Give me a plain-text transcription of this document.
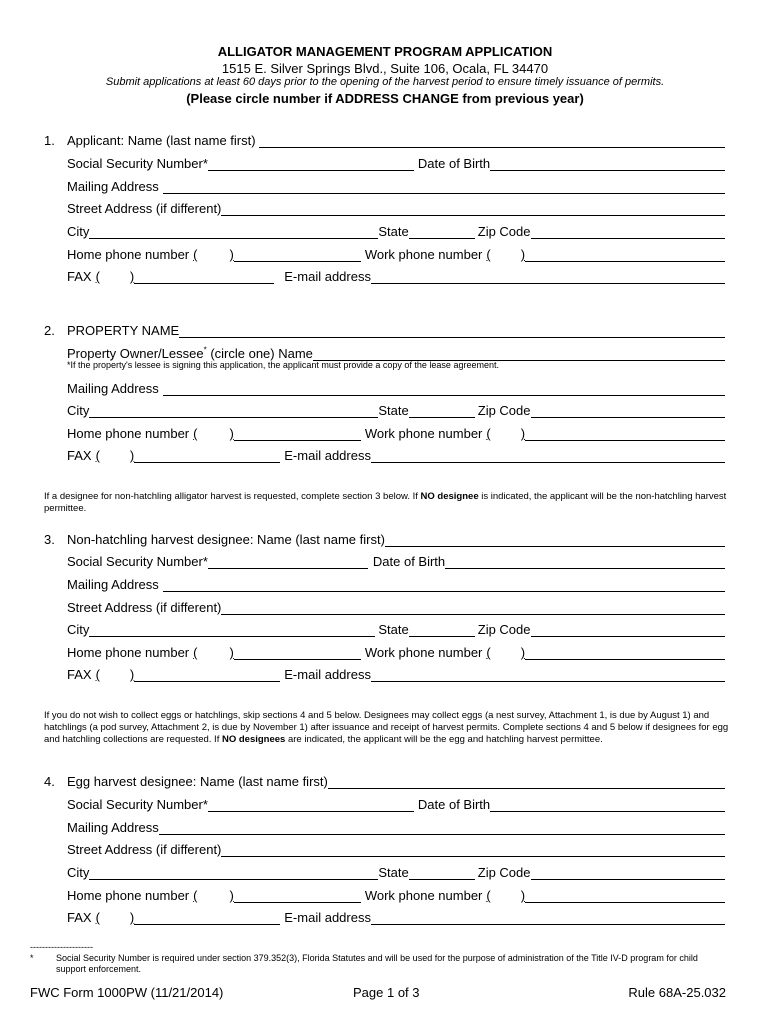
ALLIGATOR MANAGEMENT PROGRAM APPLICATION
1515 E. Silver Springs Blvd., Suite 106, Ocala, FL 34470
Submit applications at least 60 days prior to the opening of the harvest period to ensure timely issuance of permits.
(Please circle number if ADDRESS CHANGE from previous year)
1. Applicant: Name (last name first)
Social Security Number*	Date of Birth
Mailing Address
Street Address (if different)
City	State	Zip Code
Home phone number ( )	Work phone number ( )
FAX ( )	E-mail address
2. PROPERTY NAME
Property Owner/Lessee* (circle one) Name
*If the property's lessee is signing this application, the applicant must provide a copy of the lease agreement.
Mailing Address
City	State	Zip Code
Home phone number ( )	Work phone number ( )
FAX ( )	E-mail address
If a designee for non-hatchling alligator harvest is requested, complete section 3 below. If NO designee is indicated, the applicant will be the non-hatchling harvest permittee.
3. Non-hatchling harvest designee: Name (last name first)
Social Security Number*	Date of Birth
Mailing Address
Street Address (if different)
City	State	Zip Code
Home phone number ( )	Work phone number ( )
FAX ( )	E-mail address
If you do not wish to collect eggs or hatchlings, skip sections 4 and 5 below. Designees may collect eggs (a nest survey, Attachment 1, is due by August 1) and hatchlings (a pod survey, Attachment 2, is due by November 1) after issuance and receipt of harvest permits. Complete sections 4 and 5 below if designees for egg and hatchling collections are requested. If NO designees are indicated, the applicant will be the egg and hatchling harvest permittee.
4. Egg harvest designee: Name (last name first)
Social Security Number*	Date of Birth
Mailing Address
Street Address (if different)
City	State	Zip Code
Home phone number ( )	Work phone number ( )
FAX ( )	E-mail address
---------------------
*	Social Security Number is required under section 379.352(3), Florida Statutes and will be used for the purpose of administration of the Title IV-D program for child support enforcement.
FWC Form 1000PW (11/21/2014)	Page 1 of 3	Rule 68A-25.032
